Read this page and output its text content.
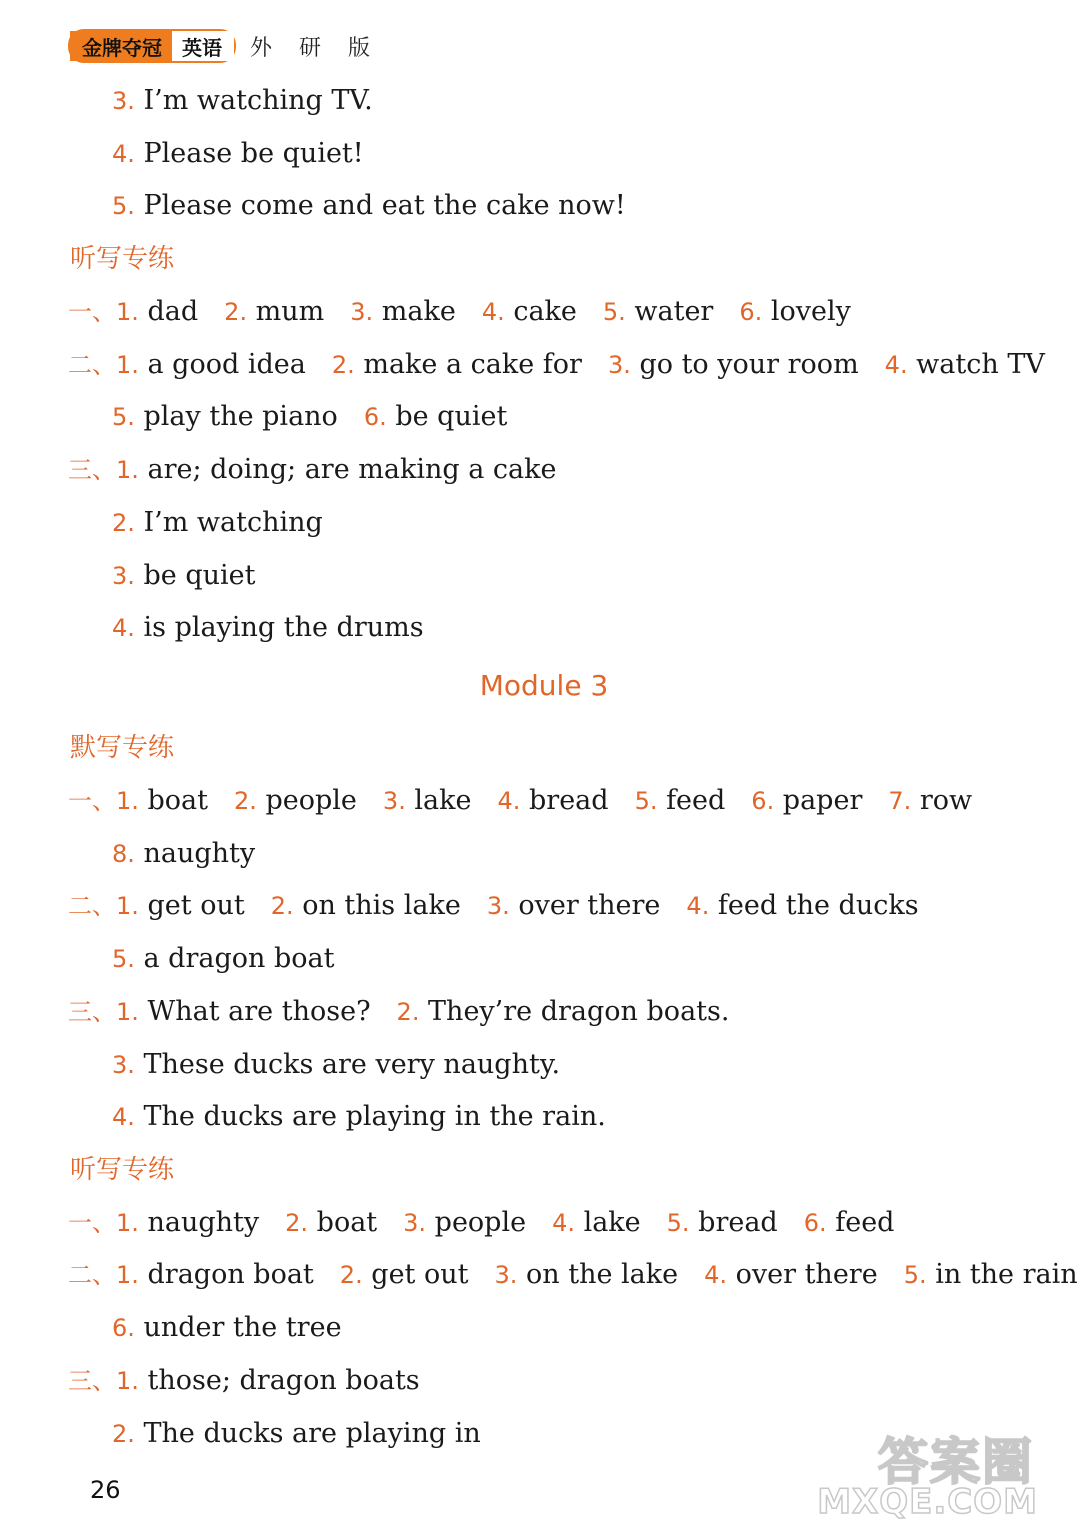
金牌夺冠	英语	外 研 版
3. I’m watching TV.
4. Please be quiet!
5. Please come and eat the cake now!
听写专练
一、1. dad 2. mum 3. make 4. cake 5. water 6. lovely
二、1. a good idea 2. make a cake for 3. go to your room 4. watch TV
5. play the piano 6. be quiet
三、1. are; doing; are making a cake
2. I’m watching
3. be quiet
4. is playing the drums
Module 3
默写专练
一、1. boat 2. people 3. lake 4. bread 5. feed 6. paper 7. row
8. naughty
二、1. get out 2. on this lake 3. over there 4. feed the ducks
5. a dragon boat
三、1. What are those? 2. They’re dragon boats.
3. These ducks are very naughty.
4. The ducks are playing in the rain.
听写专练
一、1. naughty 2. boat 3. people 4. lake 5. bread 6. feed
二、1. dragon boat 2. get out 3. on the lake 4. over there 5. in the rain
6. under the tree
三、1. those; dragon boats
2. The ducks are playing in
26	答案圈
MXQE.COM
